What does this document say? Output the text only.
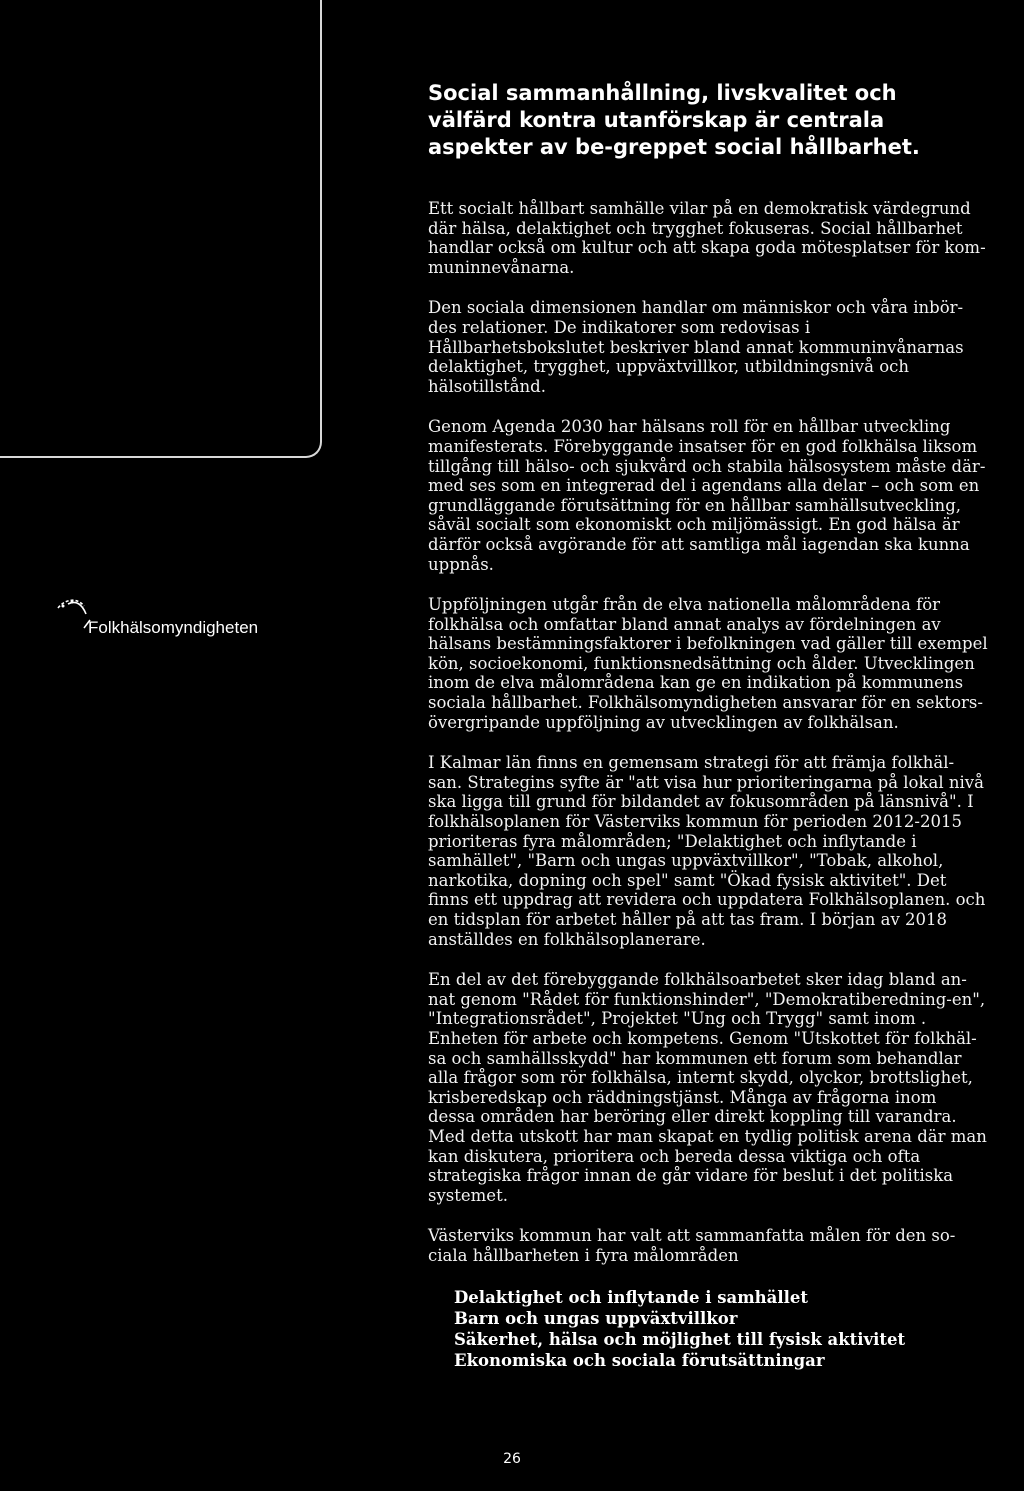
Folkhälsomyndigheten
Social sammanhållning, livskvalitet och välfärd kontra utanförskap är centrala aspekter av be-greppet social hållbarhet.

Ett socialt hållbart samhälle vilar på en demokratisk värdegrund där hälsa, delaktighet och trygghet fokuseras. Social hållbarhet handlar också om kultur och att skapa goda mötesplatser för kom-muninnevånarna.

Den sociala dimensionen handlar om människor och våra inbör-des relationer. De indikatorer som redovisas i Hållbarhetsbokslutet beskriver bland annat kommuninvånarnas delaktighet, trygghet, uppväxtvillkor, utbildningsnivå och hälsotillstånd.

Genom Agenda 2030 har hälsans roll för en hållbar utveckling manifesterats. Förebyggande insatser för en god folkhälsa liksom tillgång till hälso- och sjukvård och stabila hälsosystem måste där-med ses som en integrerad del i agendans alla delar – och som en grundläggande förutsättning för en hållbar samhällsutveckling, såväl socialt som ekonomiskt och miljömässigt. En god hälsa är därför också avgörande för att samtliga mål iagendan ska kunna uppnås.

Uppföljningen utgår från de elva nationella målområdena för folkhälsa och omfattar bland annat analys av fördelningen av hälsans bestämningsfaktorer i befolkningen vad gäller till exempel kön, socioekonomi, funktionsnedsättning och ålder. Utvecklingen inom de elva målområdena kan ge en indikation på kommunens sociala hållbarhet. Folkhälsomyndigheten ansvarar för en sektors-övergripande uppföljning av utvecklingen av folkhälsan.

I Kalmar län finns en gemensam strategi för att främja folkhäl-san. Strategins syfte är "att visa hur prioriteringarna på lokal nivå ska ligga till grund för bildandet av fokusområden på länsnivå". I folkhälsoplanen för Västerviks kommun för perioden 2012-2015 prioriteras fyra målområden; "Delaktighet och inflytande i samhället", "Barn och ungas uppväxtvillkor", "Tobak, alkohol, narkotika, dopning och spel" samt "Ökad fysisk aktivitet". Det finns ett uppdrag att revidera och uppdatera Folkhälsoplanen. och en tidsplan för arbetet håller på att tas fram. I början av 2018 anställdes en folkhälsoplanerare.

En del av det förebyggande folkhälsoarbetet sker idag bland an-nat genom "Rådet för funktionshinder", "Demokratiberedning-en", "Integrationsrådet", Projektet "Ung och Trygg" samt inom . Enheten för arbete och kompetens. Genom "Utskottet för folkhäl-sa och samhällsskydd" har kommunen ett forum som behandlar alla frågor som rör folkhälsa, internt skydd, olyckor, brottslighet, krisberedskap och räddningstjänst. Många av frågorna inom dessa områden har beröring eller direkt koppling till varandra. Med detta utskott har man skapat en tydlig politisk arena där man kan diskutera, prioritera och bereda dessa viktiga och ofta strategiska frågor innan de går vidare för beslut i det politiska systemet.

Västerviks kommun har valt att sammanfatta målen för den so-ciala hållbarheten i fyra målområden

Delaktighet och inflytande i samhället
Barn och ungas uppväxtvillkor
Säkerhet, hälsa och möjlighet till fysisk aktivitet
Ekonomiska och sociala förutsättningar
26
